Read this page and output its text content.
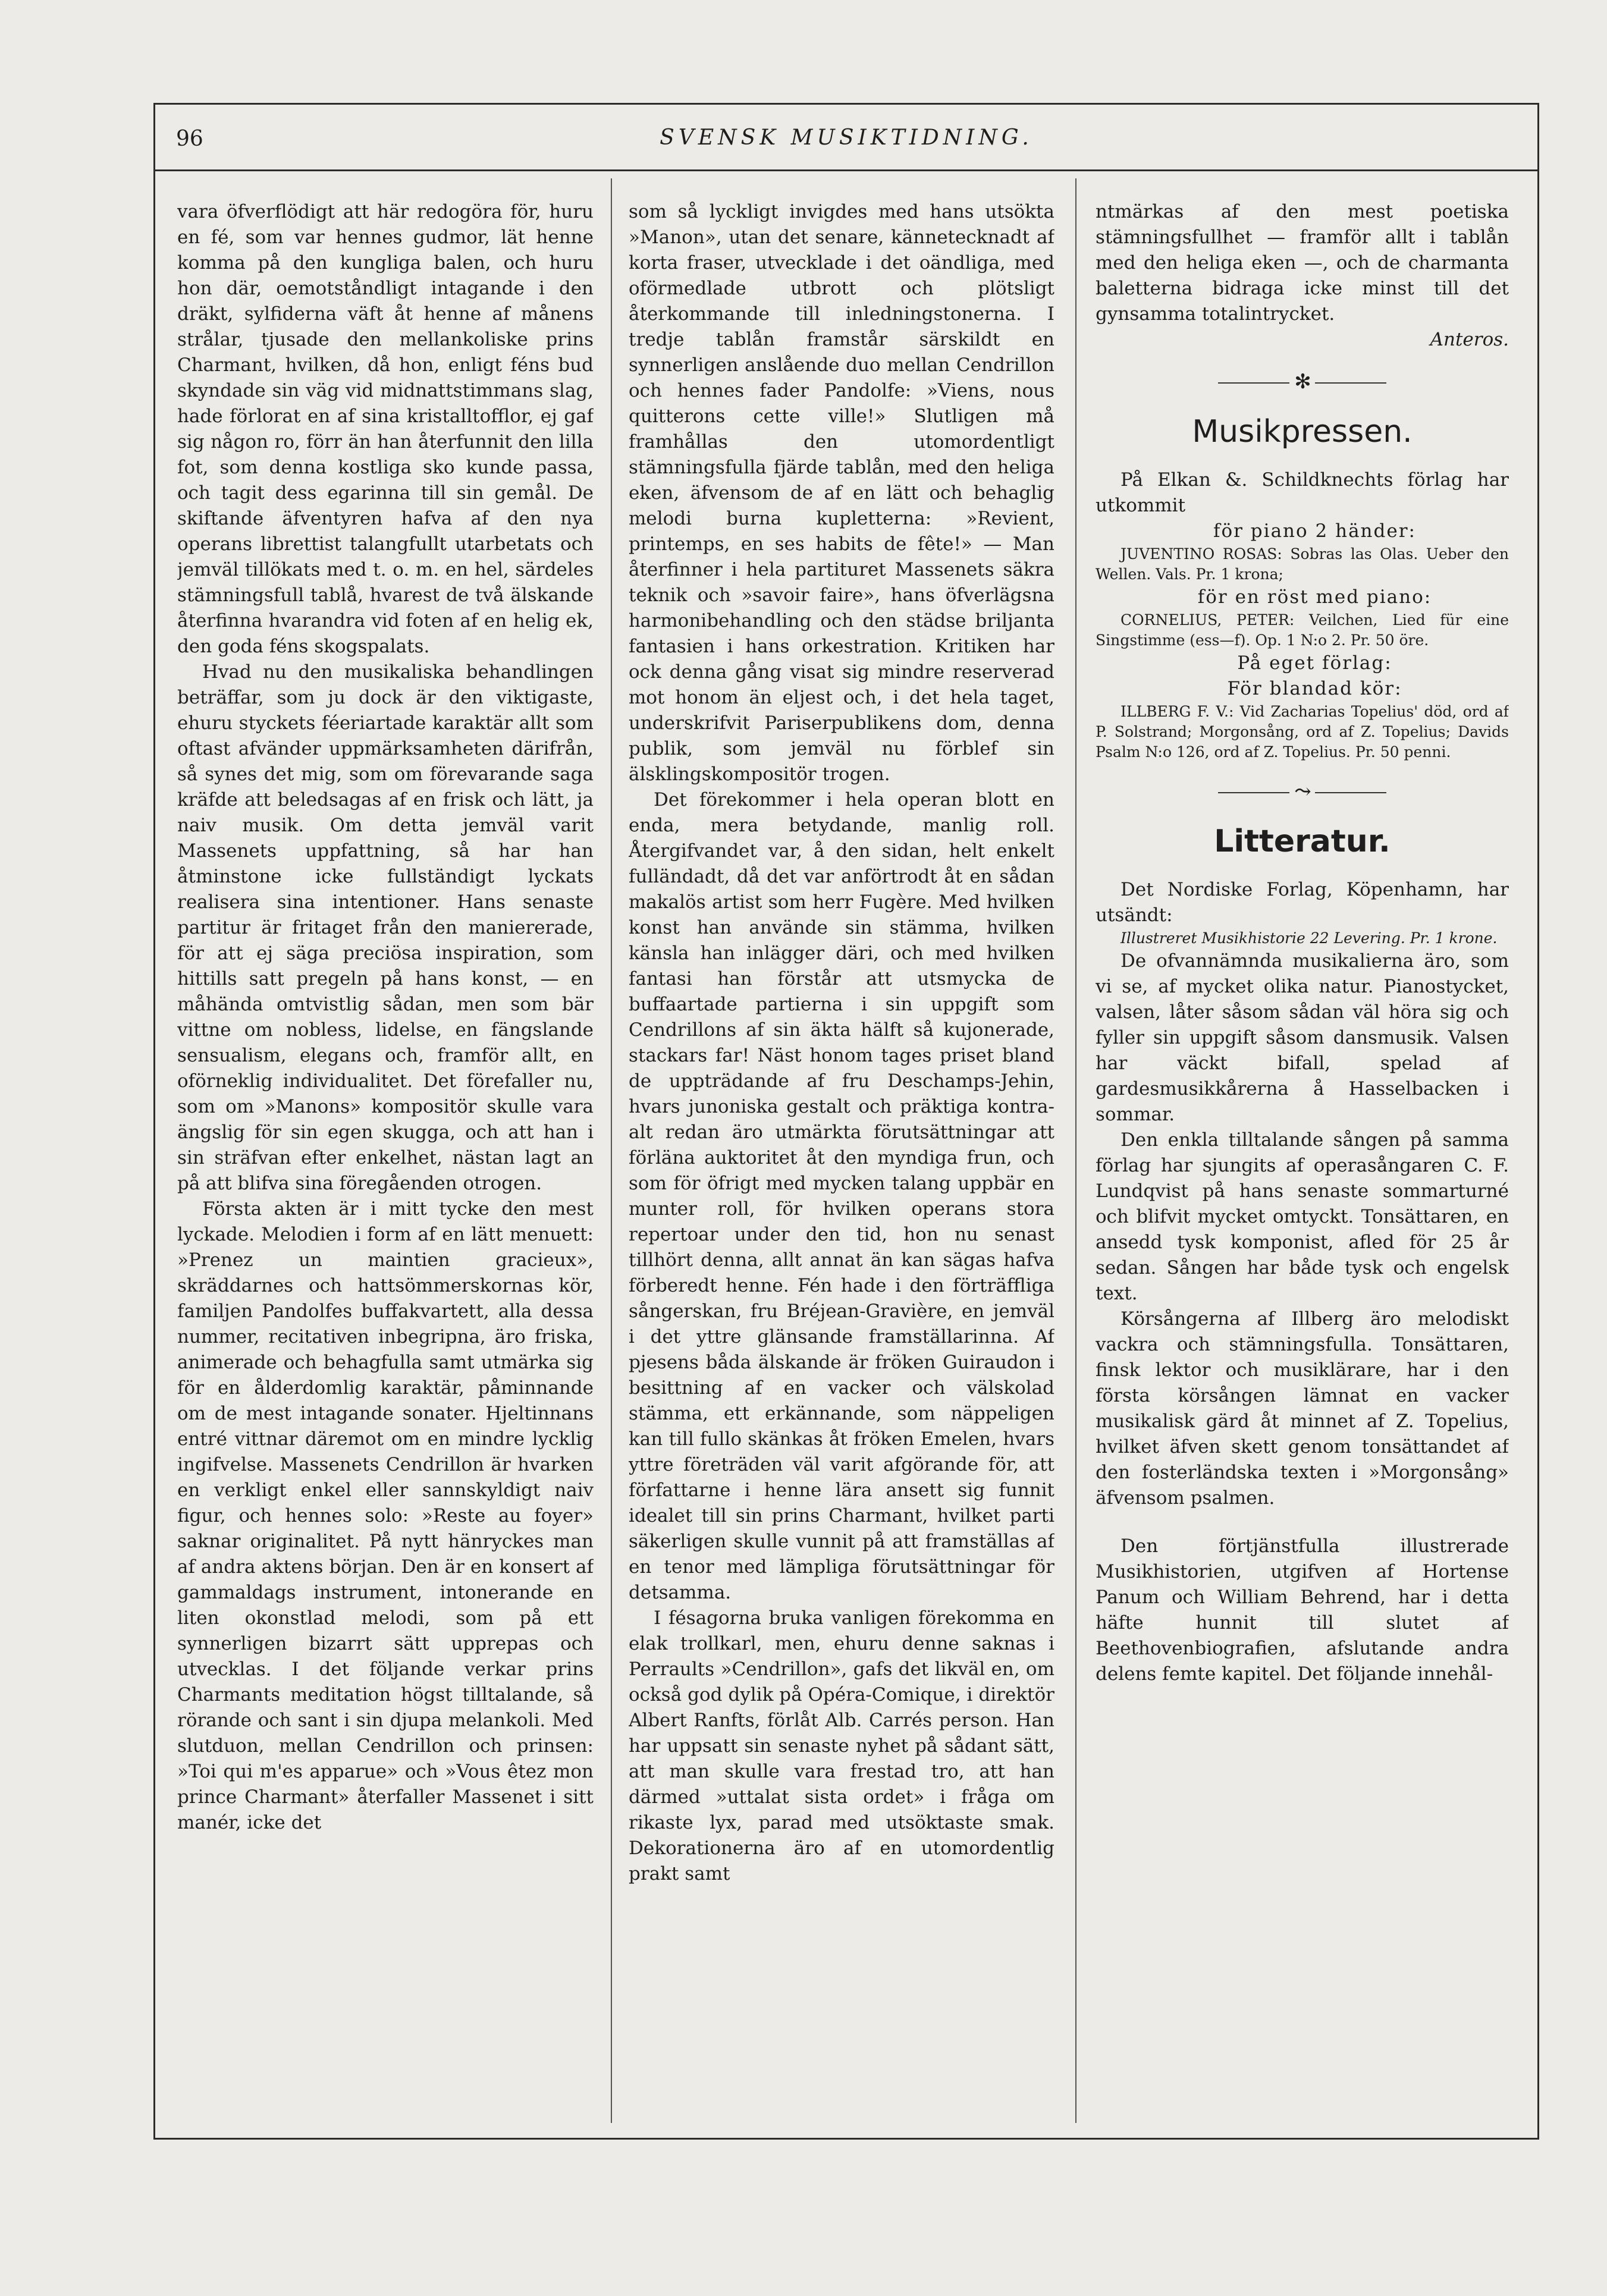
96	SVENSK MUSIKTIDNING.

vara öfverflödigt att här redogöra för, huru en fé, som var hennes gudmor, lät henne komma på den kungliga balen, och huru hon där, oemotståndligt intagande i den dräkt, sylfiderna väft åt henne af månens strålar, tjusade den mellankoliske prins Charmant, hvilken, då hon, enligt féns bud skyndade sin väg vid midnattstimmans slag, hade förlorat en af sina kristalltofflor, ej gaf sig någon ro, förr än han återfunnit den lilla fot, som denna kostliga sko kunde passa, och tagit dess egarinna till sin gemål. De skiftande äfventyren hafva af den nya operans librettist talangfullt utarbetats och jemväl tillökats med t. o. m. en hel, särdeles stämningsfull tablå, hvarest de två älskande återfinna hvarandra vid foten af en helig ek, den goda féns skogspalats.

Hvad nu den musikaliska behandlingen beträffar, som ju dock är den viktigaste, ehuru styckets féeriartade karaktär allt som oftast afvänder uppmärksamheten därifrån, så synes det mig, som om förevarande saga kräfde att beledsagas af en frisk och lätt, ja naiv musik. Om detta jemväl varit Massenets uppfattning, så har han åtminstone icke fullständigt lyckats realisera sina intentioner. Hans senaste partitur är fritaget från den maniererade, för att ej säga preciösa inspiration, som hittills satt pregeln på hans konst, — en måhända omtvistlig sådan, men som bär vittne om nobless, lidelse, en fängslande sensualism, elegans och, framför allt, en oförneklig individualitet. Det förefaller nu, som om »Manons» kompositör skulle vara ängslig för sin egen skugga, och att han i sin sträfvan efter enkelhet, nästan lagt an på att blifva sina föregåenden otrogen.

Första akten är i mitt tycke den mest lyckade. Melodien i form af en lätt menuett: »Prenez un maintien gracieux», skräddarnes och hattsömmerskornas kör, familjen Pandolfes buffakvartett, alla dessa nummer, recitativen inbegripna, äro friska, animerade och behagfulla samt utmärka sig för en ålderdomlig karaktär, påminnande om de mest intagande sonater. Hjeltinnans entré vittnar däremot om en mindre lycklig ingifvelse. Massenets Cendrillon är hvarken en verkligt enkel eller sannskyldigt naiv figur, och hennes solo: »Reste au foyer» saknar originalitet. På nytt hänryckes man af andra aktens början. Den är en konsert af gammaldags instrument, intonerande en liten okonstlad melodi, som på ett synnerligen bizarrt sätt upprepas och utvecklas. I det följande verkar prins Charmants meditation högst tilltalande, så rörande och sant i sin djupa melankoli. Med slutduon, mellan Cendrillon och prinsen: »Toi qui m'es apparue» och »Vous êtez mon prince Charmant» återfaller Massenet i sitt manér, icke det

som så lyckligt invigdes med hans utsökta »Manon», utan det senare, kännetecknadt af korta fraser, utvecklade i det oändliga, med oförmedlade utbrott och plötsligt återkommande till inledningstonerna. I tredje tablån framstår särskildt en synnerligen anslående duo mellan Cendrillon och hennes fader Pandolfe: »Viens, nous quitterons cette ville!» Slutligen må framhållas den utomordentligt stämningsfulla fjärde tablån, med den heliga eken, äfvensom de af en lätt och behaglig melodi burna kupletterna: »Revient, printemps, en ses habits de fête!» — Man återfinner i hela partituret Massenets säkra teknik och »savoir faire», hans öfverlägsna harmonibehandling och den städse briljanta fantasien i hans orkestration. Kritiken har ock denna gång visat sig mindre reserverad mot honom än eljest och, i det hela taget, underskrifvit Pariserpublikens dom, denna publik, som jemväl nu förblef sin älsklingskompositör trogen.

Det förekommer i hela operan blott en enda, mera betydande, manlig roll. Återgifvandet var, å den sidan, helt enkelt fulländadt, då det var anförtrodt åt en sådan makalös artist som herr Fugère. Med hvilken konst han använde sin stämma, hvilken känsla han inlägger däri, och med hvilken fantasi han förstår att utsmycka de buffaartade partierna i sin uppgift som Cendrillons af sin äkta hälft så kujonerade, stackars far! Näst honom tages priset bland de uppträdande af fru Deschamps-Jehin, hvars junoniska gestalt och präktiga kontra-alt redan äro utmärkta förutsättningar att förläna auktoritet åt den myndiga frun, och som för öfrigt med mycken talang uppbär en munter roll, för hvilken operans stora repertoar under den tid, hon nu senast tillhört denna, allt annat än kan sägas hafva förberedt henne. Fén hade i den förträffliga sångerskan, fru Bréjean-Gravière, en jemväl i det yttre glänsande framställarinna. Af pjesens båda älskande är fröken Guiraudon i besittning af en vacker och välskolad stämma, ett erkännande, som näppeligen kan till fullo skänkas åt fröken Emelen, hvars yttre företräden väl varit afgörande för, att författarne i henne lära ansett sig funnit idealet till sin prins Charmant, hvilket parti säkerligen skulle vunnit på att framställas af en tenor med lämpliga förutsättningar för detsamma.

I fésagorna bruka vanligen förekomma en elak trollkarl, men, ehuru denne saknas i Perraults »Cendrillon», gafs det likväl en, om också god dylik på Opéra-Comique, i direktör Albert Ranfts, förlåt Alb. Carrés person. Han har uppsatt sin senaste nyhet på sådant sätt, att man skulle vara frestad tro, att han därmed »uttalat sista ordet» i fråga om rikaste lyx, parad med utsöktaste smak. Dekorationerna äro af en utomordentlig prakt samt

ntmärkas af den mest poetiska stämningsfullhet — framför allt i tablån med den heliga eken —, och de charmanta baletterna bidraga icke minst till det gynsamma totalintrycket.

Anteros.

✻
Musikpressen.

På Elkan &. Schildknechts förlag har utkommit

för piano 2 händer:

JUVENTINO ROSAS: Sobras las Olas. Ueber den Wellen. Vals. Pr. 1 krona;

för en röst med piano:

CORNELIUS, PETER: Veilchen, Lied für eine Singstimme (ess—f). Op. 1 N:o 2. Pr. 50 öre.

På eget förlag:

För blandad kör:

ILLBERG F. V.: Vid Zacharias Topelius' död, ord af P. Solstrand; Morgonsång, ord af Z. Topelius; Davids Psalm N:o 126, ord af Z. Topelius. Pr. 50 penni.

⤳
Litteratur.

Det Nordiske Forlag, Köpenhamn, har utsändt:

Illustreret Musikhistorie 22 Levering. Pr. 1 krone.

De ofvannämnda musikalierna äro, som vi se, af mycket olika natur. Pianostycket, valsen, låter såsom sådan väl höra sig och fyller sin uppgift såsom dansmusik. Valsen har väckt bifall, spelad af gardesmusikkårerna å Hasselbacken i sommar.

Den enkla tilltalande sången på samma förlag har sjungits af operasångaren C. F. Lundqvist på hans senaste sommarturné och blifvit mycket omtyckt. Tonsättaren, en ansedd tysk komponist, afled för 25 år sedan. Sången har både tysk och engelsk text.

Körsångerna af Illberg äro melodiskt vackra och stämningsfulla. Tonsättaren, finsk lektor och musiklärare, har i den första körsången lämnat en vacker musikalisk gärd åt minnet af Z. Topelius, hvilket äfven skett genom tonsättandet af den fosterländska texten i »Morgonsång» äfvensom psalmen.

Den förtjänstfulla illustrerade Musikhistorien, utgifven af Hortense Panum och William Behrend, har i detta häfte hunnit till slutet af Beethovenbiografien, afslutande andra delens femte kapitel. Det följande innehål-
